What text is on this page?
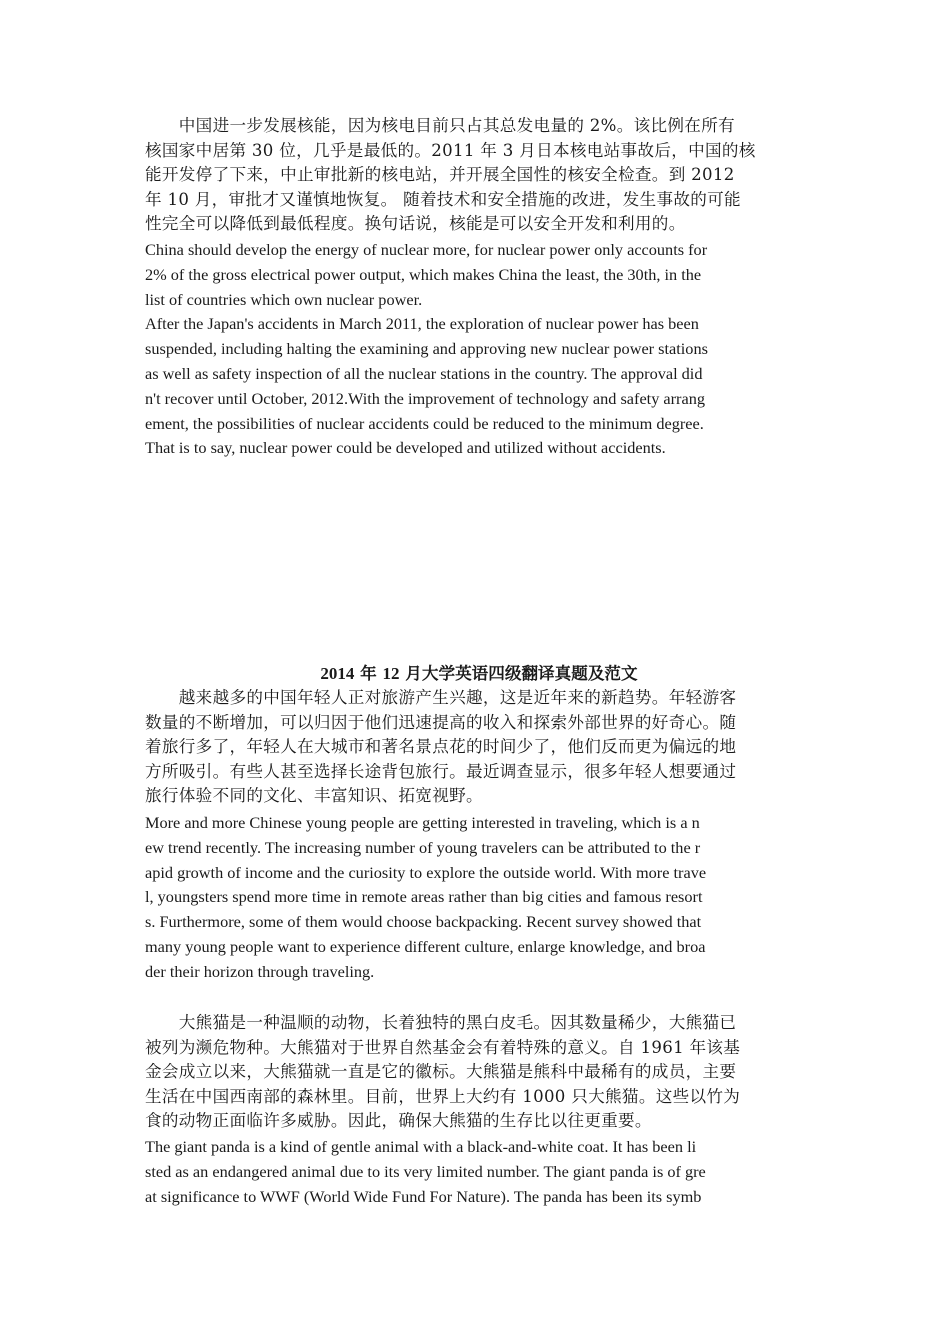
　　中国进一步发展核能，因为核电目前只占其总发电量的 2%。该比例在所有
核国家中居第 30 位，几乎是最低的。2011 年 3 月日本核电站事故后，中国的核
能开发停了下来，中止审批新的核电站，并开展全国性的核安全检查。到 2012
年 10 月，审批才又谨慎地恢复。 随着技术和安全措施的改进，发生事故的可能
性完全可以降低到最低程度。换句话说，核能是可以安全开发和利用的。
China should develop the energy of nuclear more, for nuclear power only accounts for
2% of the gross electrical power output, which makes China the least, the 30th, in the
list of countries which own nuclear power.
After the Japan's accidents in March 2011, the exploration of nuclear power has been
suspended, including halting the examining and approving new nuclear power stations
as well as safety inspection of all the nuclear stations in the country. The approval did
n't recover until October, 2012.With the improvement of technology and safety arrang
ement, the possibilities of nuclear accidents could be reduced to the minimum degree.
That is to say, nuclear power could be developed and utilized without accidents.
2014 年 12 月大学英语四级翻译真题及范文
　　越来越多的中国年轻人正对旅游产生兴趣，这是近年来的新趋势。年轻游客
数量的不断增加，可以归因于他们迅速提高的收入和探索外部世界的好奇心。随
着旅行多了，年轻人在大城市和著名景点花的时间少了，他们反而更为偏远的地
方所吸引。有些人甚至选择长途背包旅行。最近调查显示，很多年轻人想要通过
旅行体验不同的文化、丰富知识、拓宽视野。
More and more Chinese young people are getting interested in traveling, which is a n
ew trend recently. The increasing number of young travelers can be attributed to the r
apid growth of income and the curiosity to explore the outside world. With more trave
l, youngsters spend more time in remote areas rather than big cities and famous resort
s. Furthermore, some of them would choose backpacking. Recent survey showed that
many young people want to experience different culture, enlarge knowledge, and broa
der their horizon through traveling.
　　大熊猫是一种温顺的动物，长着独特的黑白皮毛。因其数量稀少，大熊猫已
被列为濒危物种。大熊猫对于世界自然基金会有着特殊的意义。自 1961 年该基
金会成立以来，大熊猫就一直是它的徽标。大熊猫是熊科中最稀有的成员，主要
生活在中国西南部的森林里。目前，世界上大约有 1000 只大熊猫。这些以竹为
食的动物正面临许多威胁。因此，确保大熊猫的生存比以往更重要。
The giant panda is a kind of gentle animal with a black-and-white coat. It has been li
sted as an endangered animal due to its very limited number. The giant panda is of gre
at significance to WWF (World Wide Fund For Nature). The panda has been its symb
